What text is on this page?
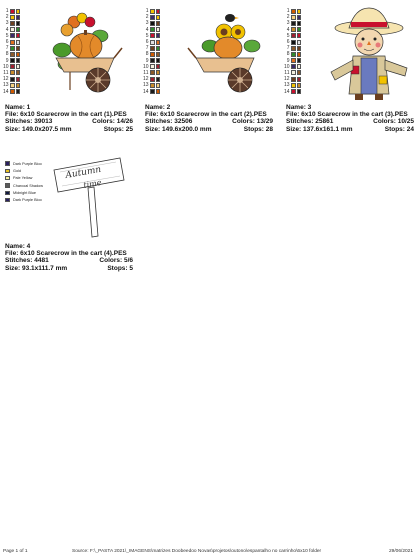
1
2
3
4
5
6
7
8
9
10
11
12
13
14
Name: 1
File: 6x10 Scarecrow in the cart (1).PES
Stitches: 39013	Colors: 14/26
Size: 149.0x207.5 mm	Stops: 25
1
2
3
4
5
6
7
8
9
10
11
12
13
14
Name: 2
File: 6x10 Scarecrow in the cart (2).PES
Stitches: 32506	Colors: 13/29
Size: 149.6x200.0 mm	Stops: 28
1
2
3
4
5
6
7
8
9
10
11
12
13
14
Name: 3
File: 6x10 Scarecrow in the cart (3).PES
Stitches: 25861	Colors: 10/25
Size: 137.6x161.1 mm	Stops: 24
Dark Purple Bloo
Gold
Pale Yellow
Charcoal Shadow
Midnight Blue
Dark Purple Bloo
Autumn
time
Name: 4
File: 6x10 Scarecrow in the cart (4).PES
Stitches: 4481	Colors: 5/6
Size: 93.1x111.7 mm	Stops: 5
Page 1 of 1	Source: F:\_PASTA 2021\_IMAGENS\matrizes Doobeedoo Novas\projetos\outono\espantalho no carrinho\6x10 folder	29/06/2021
